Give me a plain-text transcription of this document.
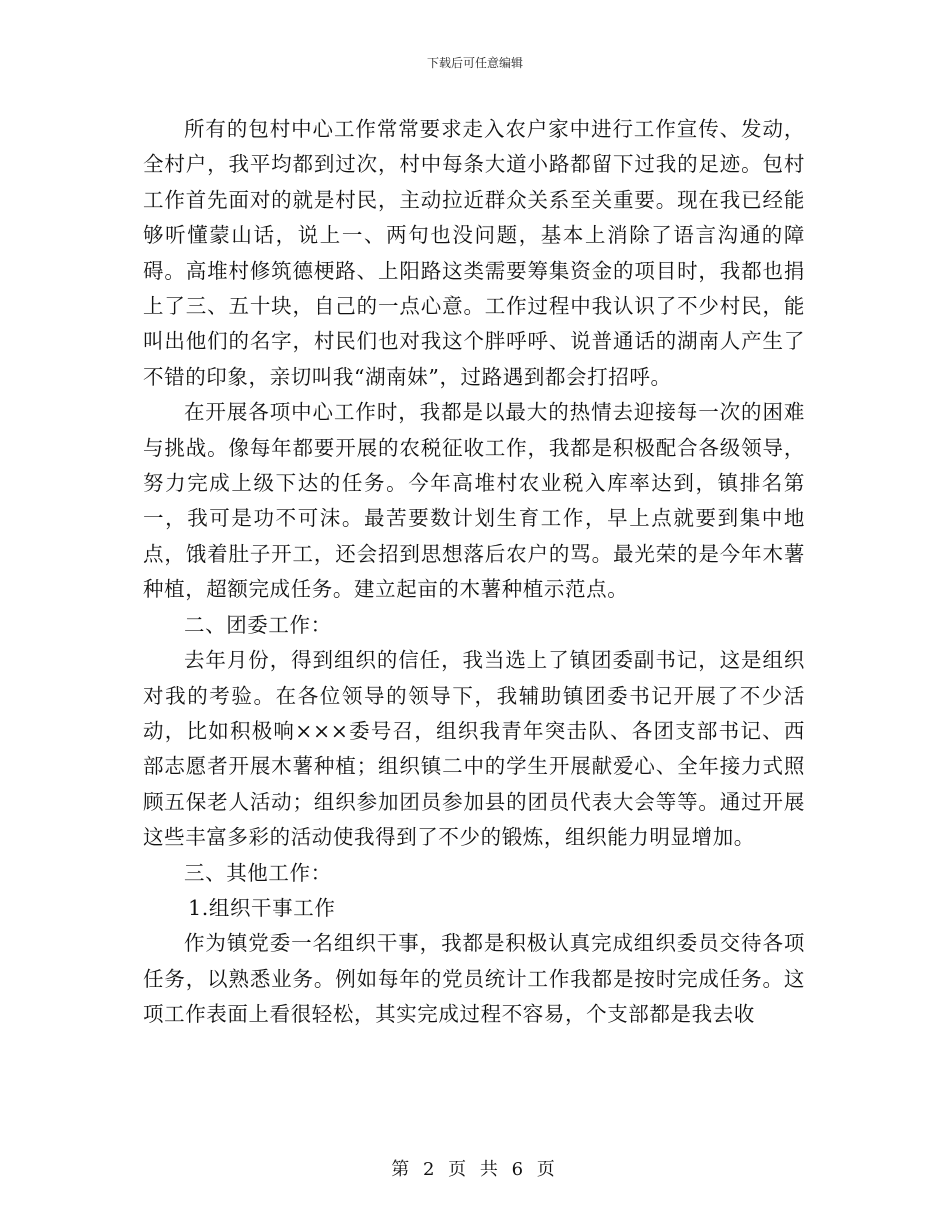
下载后可任意编辑

所有的包村中心工作常常要求走入农户家中进行工作宣传、发动，全村户，我平均都到过次，村中每条大道小路都留下过我的足迹。包村工作首先面对的就是村民，主动拉近群众关系至关重要。现在我已经能够听懂蒙山话，说上一、两句也没问题，基本上消除了语言沟通的障碍。高堆村修筑德梗路、上阳路这类需要筹集资金的项目时，我都也捐上了三、五十块，自己的一点心意。工作过程中我认识了不少村民，能叫出他们的名字，村民们也对我这个胖呼呼、说普通话的湖南人产生了不错的印象，亲切叫我“湖南妹”，过路遇到都会打招呼。

在开展各项中心工作时，我都是以最大的热情去迎接每一次的困难与挑战。像每年都要开展的农税征收工作，我都是积极配合各级领导，努力完成上级下达的任务。今年高堆村农业税入库率达到，镇排名第一，我可是功不可沫。最苦要数计划生育工作，早上点就要到集中地点，饿着肚子开工，还会招到思想落后农户的骂。最光荣的是今年木薯种植，超额完成任务。建立起亩的木薯种植示范点。

二、团委工作：

去年月份，得到组织的信任，我当选上了镇团委副书记，这是组织对我的考验。在各位领导的领导下，我辅助镇团委书记开展了不少活动，比如积极响×××委号召，组织我青年突击队、各团支部书记、西部志愿者开展木薯种植；组织镇二中的学生开展献爱心、全年接力式照顾五保老人活动；组织参加团员参加县的团员代表大会等等。通过开展这些丰富多彩的活动使我得到了不少的锻炼，组织能力明显增加。

三、其他工作：

1.组织干事工作

作为镇党委一名组织干事，我都是积极认真完成组织委员交待各项任务，以熟悉业务。例如每年的党员统计工作我都是按时完成任务。这项工作表面上看很轻松，其实完成过程不容易，个支部都是我去收

第 2 页 共 6 页
